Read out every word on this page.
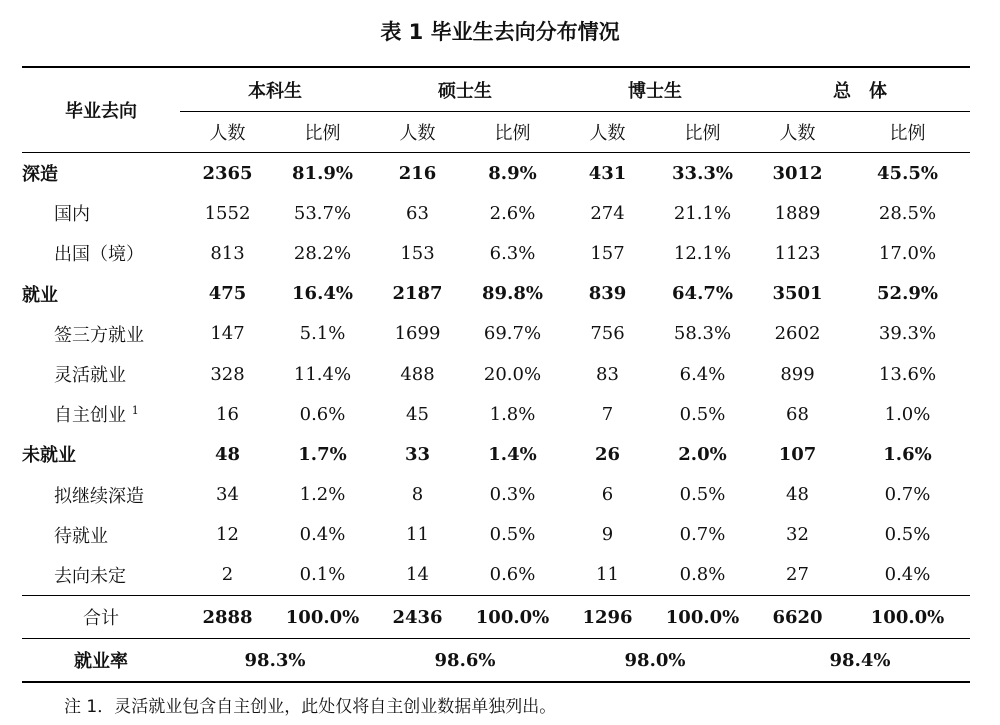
表 1 毕业生去向分布情况
毕业去向	本科生		硕士生		博士生		总　体	
	人数	比例	人数	比例	人数	比例	人数	比例
深造	2365	81.9%	216	8.9%	431	33.3%	3012	45.5%
国内	1552	53.7%	63	2.6%	274	21.1%	1889	28.5%
出国（境）	813	28.2%	153	6.3%	157	12.1%	1123	17.0%
就业	475	16.4%	2187	89.8%	839	64.7%	3501	52.9%
签三方就业	147	5.1%	1699	69.7%	756	58.3%	2602	39.3%
灵活就业	328	11.4%	488	20.0%	83	6.4%	899	13.6%
自主创业 $^1$	16	0.6%	45	1.8%	7	0.5%	68	1.0%
未就业	48	1.7%	33	1.4%	26	2.0%	107	1.6%
拟继续深造	34	1.2%	8	0.3%	6	0.5%	48	0.7%
待就业	12	0.4%	11	0.5%	9	0.7%	32	0.5%
去向未定	2	0.1%	14	0.6%	11	0.8%	27	0.4%
合计	2888	100.0%	2436	100.0%	1296	100.0%	6620	100.0%
就业率	98.3%		98.6%		98.0%		98.4%	
注 1．灵活就业包含自主创业，此处仅将自主创业数据单独列出。
